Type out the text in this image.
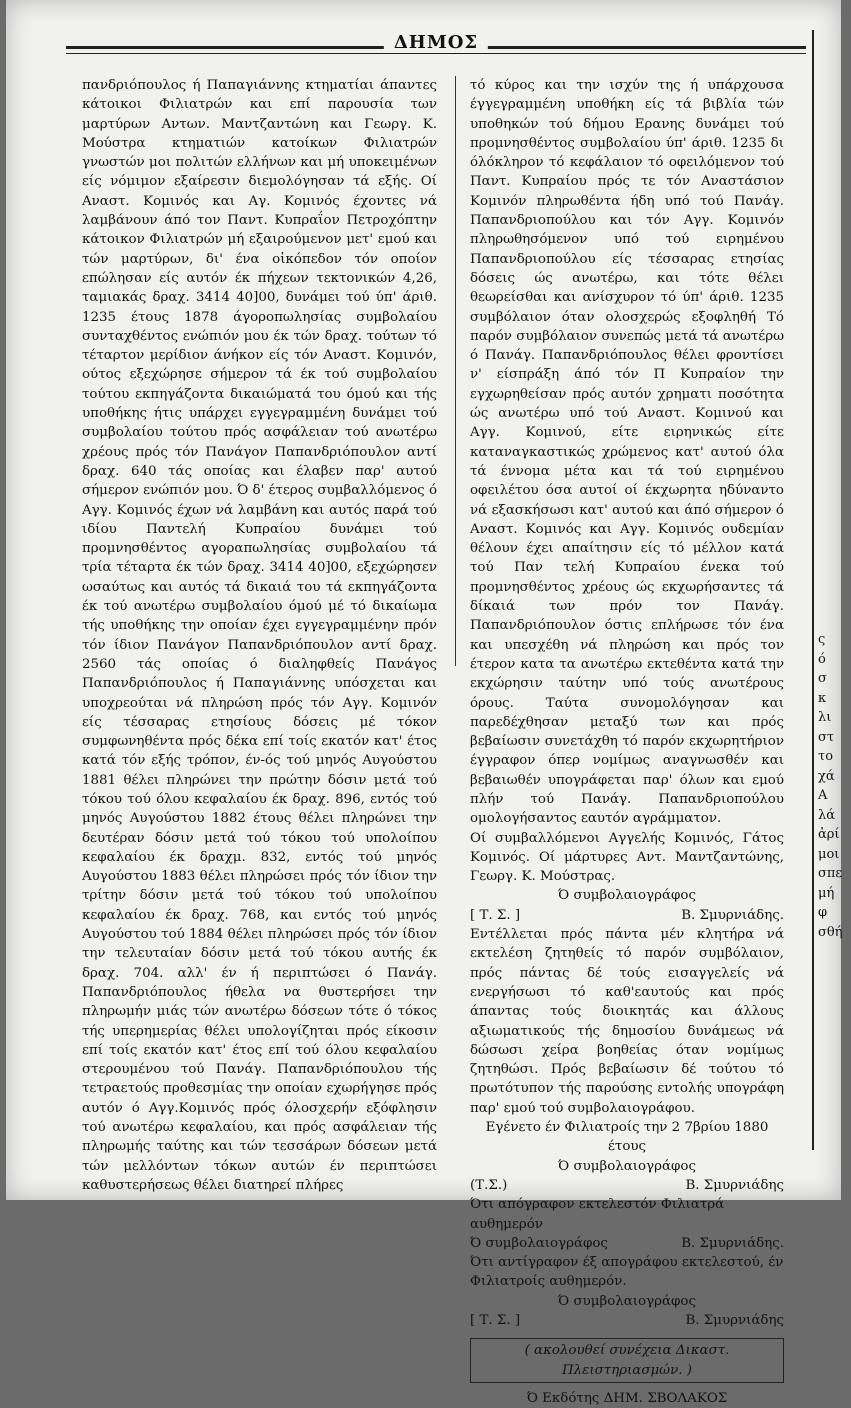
ΔΗΜΟΣ

πανδριόπουλος ή Παπαγιάννης κτηματίαι άπαντες κάτοικοι Φιλιατρών και επί παρουσία των μαρτύρων Αντων. Μαντζαντώνη και Γεωργ. Κ. Μούστρα κτηματιών κατοίκων Φιλιατρών γνωστών μοι πολιτών ελλήνων και μή υποκειμένων είς νόμιμον εξαίρεσιν διεμολόγησαν τά εξής. Οί Αναστ. Κομινός και Αγ. Κομινός έχοντες νά λαμβάνουν άπό τον Παντ. Κυπραΐον Πετροχόπτην κάτοικον Φιλιατρών μή εξαιρούμενον μετ' εμού και τών μαρτύρων, δι' ένα οἰκόπεδον τόν οποίον επώλησαν είς αυτόν έκ πήχεων τεκτονικών 4,26, ταμιακάς δραχ. 3414 40]00, δυνάμει τού ύπ' άριθ. 1235 έτους 1878 άγοροπωλησίας συμβολαίου συνταχθέντος ενώπιόν μου έκ τών δραχ. τούτων τό τέταρτον μερίδιον άνήκον είς τόν Αναστ. Κομινόν, ούτος εξεχώρησε σήμερον τά έκ τού συμβολαίου τούτου εκπηγάζοντα δικαιώματά του όμού και τής υποθήκης ήτις υπάρχει εγγεγραμμένη δυνάμει τού συμβολαίου τούτου πρός ασφάλειαν τού ανωτέρω χρέους πρός τόν Πανάγον Παπανδριόπουλον αντί δραχ. 640 τάς οποίας και έλαβεν παρ' αυτού σήμερον ενώπιόν μου. Ό δ' έτερος συμβαλλόμενος ό Αγγ. Κομινός έχων νά λαμβάνη και αυτός παρά τού ιδίου Παντελή Κυπραίου δυνάμει τού προμνησθέντος αγοραπωλησίας συμβολαίου τά τρία τέταρτα έκ τών δραχ. 3414 40]00, εξεχώρησεν ωσαύτως και αυτός τά δικαιά του τά εκπηγάζοντα έκ τού ανωτέρω συμβολαίου όμού μέ τό δικαίωμα τής υποθήκης την οποίαν έχει εγγεγραμμένην πρόν τόν ίδιον Πανάγον Παπανδριόπουλον αντί δραχ. 2560 τάς οποίας ό διαληφθείς Πανάγος Παπανδριόπουλος ή Παπαγιάννης υπόσχεται και υποχρεούται νά πληρώση πρός τόν Αγγ. Κομινόν είς τέσσαρας ετησίους δόσεις μέ τόκον συμφωνηθέντα πρός δέκα επί τοίς εκατόν κατ' έτος κατά τόν εξής τρόπον, έν-ός τού μηνός Αυγούστου 1881 θέλει πληρώνει την πρώτην δόσιν μετά τού τόκου τού όλου κεφαλαίου έκ δραχ. 896, εντός τού μηνός Αυγούστου 1882 έτους θέλει πληρώνει την δευτέραν δόσιν μετά τού τόκου τού υπολοίπου κεφαλαίου έκ δραχμ. 832, εντός τού μηνός Αυγούστου 1883 θέλει πληρώσει πρός τόν ίδιον την τρίτην δόσιν μετά τού τόκου τού υπολοίπου κεφαλαίου έκ δραχ. 768, και εντός τού μηνός Αυγούστου τού 1884 θέλει πληρώσει πρός τόν ίδιον την τελευταίαν δόσιν μετά τού τόκου αυτής έκ δραχ. 704. αλλ' έν ή περιπτώσει ό Πανάγ. Παπανδριόπουλος ήθελα να θυστερήσει την πληρωμήν μιάς τών ανωτέρω δόσεων τότε ό τόκος τής υπερημερίας θέλει υπολογίζηται πρός είκοσιν επί τοίς εκατόν κατ' έτος επί τού όλου κεφαλαίου στερουμένου τού Πανάγ. Παπανδριόπουλου τής τετραετούς προθεσμίας την οποίαν εχωρήγησε πρός αυτόν ό Αγγ.Κομινός πρός όλοσχερήν εξόφλησιν τού ανωτέρω κεφαλαίου, και πρός ασφάλειαν τής πληρωμής ταύτης και τών τεσσάρων δόσεων μετά τών μελλόντων τόκων αυτών έν περιπτώσει καθυστερήσεως θέλει διατηρεί πλήρες

τό κύρος και την ισχύν της ή υπάρχουσα έγγεγραμμένη υποθήκη είς τά βιβλία τών υποθηκών τού δήμου Ερανης δυνάμει τού προμνησθέντος συμβολαίου ύπ' άριθ. 1235 δι όλόκληρον τό κεφάλαιον τό οφειλόμενον τού Παντ. Κυπραίου πρός τε τόν Αναστάσιον Κομινόν πληρωθέντα ήδη υπό τού Πανάγ. Παπανδριοπούλου και τόν Αγγ. Κομινόν πληρωθησόμενον υπό τού ειρημένου Παπανδριοπούλου είς τέσσαρας ετησίας δόσεις ώς ανωτέρω, και τότε θέλει θεωρείσθαι και ανίσχυρον τό ύπ' άριθ. 1235 συμβόλαιον όταν ολοσχερώς εξοφληθή Τό παρόν συμβόλαιον συνεπώς μετά τά ανωτέρω ό Πανάγ. Παπανδριόπουλος θέλει φροντίσει ν' είσπράξη άπό τόν Π Κυπραίον την εγχωρηθείσαν πρός αυτόν χρηματι ποσότητα ώς ανωτέρω υπό τού Αναστ. Κομινού και Αγγ. Κομινού, είτε ειρηνικώς είτε καταναγκαστικώς χρώμενος κατ' αυτού όλα τά έννομα μέτα και τά τού ειρημένου οφειλέτου όσα αυτοί οί έκχωρητα ηδύναντο νά εξασκήσωσι κατ' αυτού και άπό σήμερον ό Αναστ. Κομινός και Αγγ. Κομινός ουδεμίαν θέλουν έχει απαίτησιν είς τό μέλλον κατά τού Παν τελή Κυπραίου ένεκα τού προμνησθέντος χρέους ώς εκχωρήσαντες τά δίκαιά των πρόν τον Πανάγ. Παπανδριόπουλον όστις επλήρωσε τόν ένα και υπεσχέθη νά πληρώση και πρός τον έτερον κατα τα ανωτέρω εκτεθέντα κατά την εκχώρησιν ταύτην υπό τούς ανωτέρους όρους. Ταύτα συνομολόγησαν και παρεδέχθησαν μεταξύ των και πρός βεβαίωσιν συνετάχθη τό παρόν εκχωρητήριον έγγραφον όπερ νομίμως αναγνωσθέν και βεβαιωθέν υπογράφεται παρ' όλων και εμού πλήν τού Πανάγ. Παπανδριοπούλου ομολογήσαντος εαυτόν αγράμματον.

Οί συμβαλλόμενοι Αγγελής Κομινός, Γάτος Κομινός. Οί μάρτυρες Αντ. Μαντζαντώνης, Γεωργ. Κ. Μούστρας.

Ό συμβολαιογράφος
[ Τ. Σ. ]	Β. Σμυρνιάδης.

Εντέλλεται πρός πάντα μέν κλητήρα νά εκτελέση ζητηθείς τό παρόν συμβόλαιον, πρός πάντας δέ τούς εισαγγελείς νά ενεργήσωσι τό καθ'εαυτούς και πρός άπαντας τούς διοικητάς και άλλους αξιωματικούς τής δημοσίου δυνάμεως νά δώσωσι χείρα βοηθείας όταν νομίμως ζητηθώσι. Πρός βεβαίωσιν δέ τούτου τό πρωτότυπον τής παρούσης εντολής υπογράφη παρ' εμού τού συμβολαιογράφου.

Εγένετο έν Φιλιατροίς την 2 7βρίου 1880 έτους
Ό συμβολαιογράφος
(Τ.Σ.)	Β. Σμυρνιάδης
Ότι απόγραφον εκτελεστόν Φιλιατρά αυθημερόν
Ό συμβολαιογράφος	Β. Σμυρνιάδης.
Ότι αντίγραφον έξ απογράφου εκτελεστού, έν Φιλιατροίς αυθημερόν.
Ό συμβολαιογράφος
[ Τ. Σ. ]	Β. Σμυρνιάδης
( ακολουθεί συνέχεια Δικαστ. Πλειστηριασμών. )
Ό Εκδότης ΔΗΜ. ΣΒΟΛΑΚΟΣ
ς
ό
σ
κ
λι
στ
το
χά
Α
λά
ἀρί
μοι
σπε
μή
φ
σθή
